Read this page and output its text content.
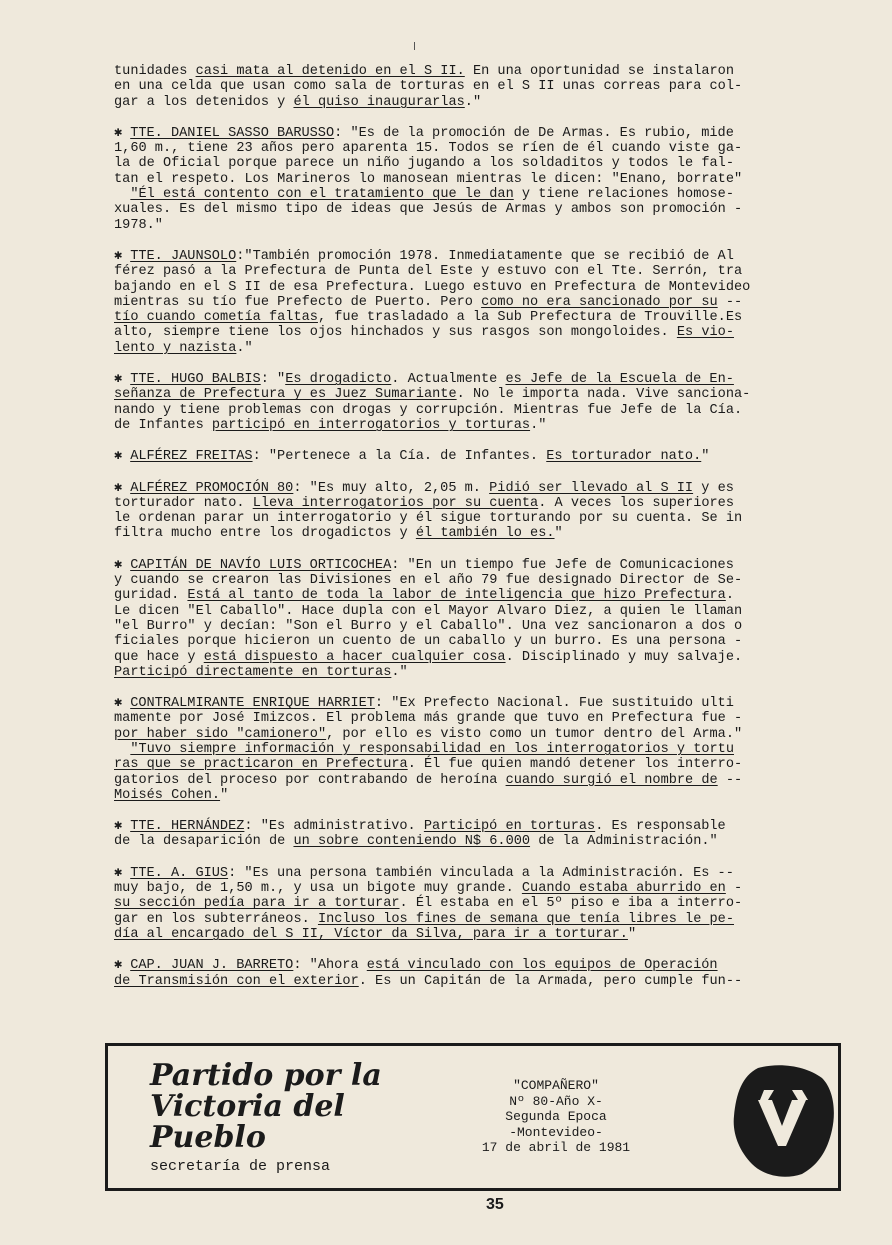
tunidades casi mata al detenido en el S II. En una oportunidad se instalaron
en una celda que usan como sala de torturas en el S II unas correas para col-
gar a los detenidos y él quiso inaugurarlas."
✱ TTE. DANIEL SASSO BARUSSO: "Es de la promoción de De Armas. Es rubio, mide
1,60 m., tiene 23 años pero aparenta 15. Todos se ríen de él cuando viste ga-
la de Oficial porque parece un niño jugando a los soldaditos y todos le fal-
tan el respeto. Los Marineros lo manosean mientras le dicen: "Enano, borrate"
"Él está contento con el tratamiento que le dan y tiene relaciones homose-
xuales. Es del mismo tipo de ideas que Jesús de Armas y ambos son promoción -
1978."
✱ TTE. JAUNSOLO:"También promoción 1978. Inmediatamente que se recibió de Al
férez pasó a la Prefectura de Punta del Este y estuvo con el Tte. Serrón, tra
bajando en el S II de esa Prefectura. Luego estuvo en Prefectura de Montevideo
mientras su tío fue Prefecto de Puerto. Pero como no era sancionado por su --
tío cuando cometía faltas, fue trasladado a la Sub Prefectura de Trouville.Es
alto, siempre tiene los ojos hinchados y sus rasgos son mongoloides. Es vio-
lento y nazista."
✱ TTE. HUGO BALBIS: "Es drogadicto. Actualmente es Jefe de la Escuela de En-
señanza de Prefectura y es Juez Sumariante. No le importa nada. Vive sanciona-
nando y tiene problemas con drogas y corrupción. Mientras fue Jefe de la Cía.
de Infantes participó en interrogatorios y torturas."
✱ ALFÉREZ FREITAS: "Pertenece a la Cía. de Infantes. Es torturador nato."
✱ ALFÉREZ PROMOCIÓN 80: "Es muy alto, 2,05 m. Pidió ser llevado al S II y es
torturador nato. Lleva interrogatorios por su cuenta. A veces los superiores
le ordenan parar un interrogatorio y él sigue torturando por su cuenta. Se in
filtra mucho entre los drogadictos y él también lo es."
✱ CAPITÁN DE NAVÍO LUIS ORTICOCHEA: "En un tiempo fue Jefe de Comunicaciones
y cuando se crearon las Divisiones en el año 79 fue designado Director de Se-
guridad. Está al tanto de toda la labor de inteligencia que hizo Prefectura.
Le dicen "El Caballo". Hace dupla con el Mayor Alvaro Diez, a quien le llaman
"el Burro" y decían: "Son el Burro y el Caballo". Una vez sancionaron a dos o
ficiales porque hicieron un cuento de un caballo y un burro. Es una persona -
que hace y está dispuesto a hacer cualquier cosa. Disciplinado y muy salvaje.
Participó directamente en torturas."
✱ CONTRALMIRANTE ENRIQUE HARRIET: "Ex Prefecto Nacional. Fue sustituido ulti
mamente por José Imizcos. El problema más grande que tuvo en Prefectura fue -
por haber sido "camionero", por ello es visto como un tumor dentro del Arma."
"Tuvo siempre información y responsabilidad en los interrogatorios y tortu
ras que se practicaron en Prefectura. Él fue quien mandó detener los interro-
gatorios del proceso por contrabando de heroína cuando surgió el nombre de --
Moisés Cohen."
✱ TTE. HERNÁNDEZ: "Es administrativo. Participó en torturas. Es responsable
de la desaparición de un sobre conteniendo N$ 6.000 de la Administración."
✱ TTE. A. GIUS: "Es una persona también vinculada a la Administración. Es --
muy bajo, de 1,50 m., y usa un bigote muy grande. Cuando estaba aburrido en -
su sección pedía para ir a torturar. Él estaba en el 5º piso e iba a interro-
gar en los subterráneos. Incluso los fines de semana que tenía libres le pe-
día al encargado del S II, Víctor da Silva, para ir a torturar."
✱ CAP. JUAN J. BARRETO: "Ahora está vinculado con los equipos de Operación
de Transmisión con el exterior. Es un Capitán de la Armada, pero cumple fun--
Partido por la
Victoria del
Pueblo
secretaría de prensa
"COMPAÑERO"
Nº 80-Año X-
Segunda Epoca
-Montevideo-
17 de abril de 1981
35
